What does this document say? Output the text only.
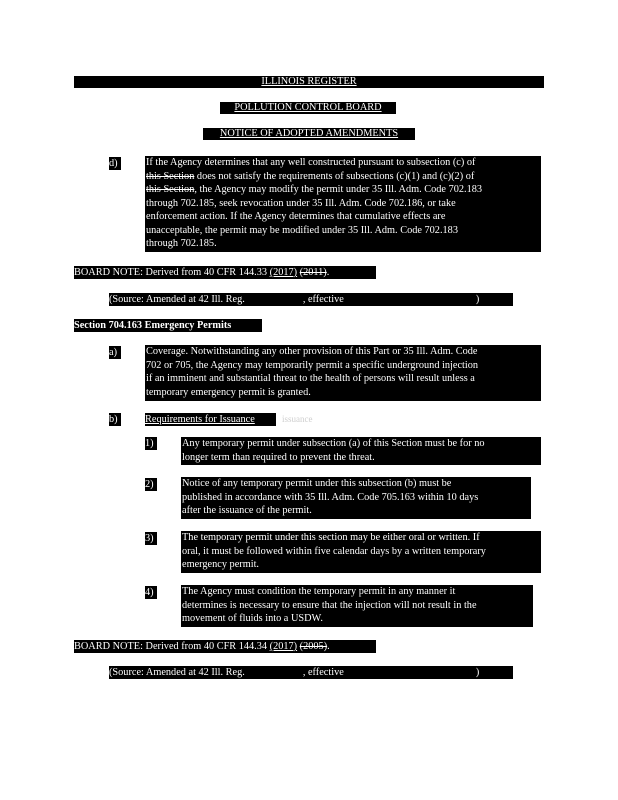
ILLINOIS REGISTER
POLLUTION CONTROL BOARD
NOTICE OF ADOPTED AMENDMENTS
d)	If the Agency determines that any well constructed pursuant to subsection (c) of
this Section does not satisfy the requirements of subsections (c)(1) and (c)(2) of
this Section, the Agency may modify the permit under 35 Ill. Adm. Code 702.183
through 702.185, seek revocation under 35 Ill. Adm. Code 702.186, or take
enforcement action. If the Agency determines that cumulative effects are
unacceptable, the permit may be modified under 35 Ill. Adm. Code 702.183
through 702.185.
BOARD NOTE: Derived from 40 CFR 144.33 (2017) (2011).
(Source: Amended at 42 Ill. Reg.	, effective	)
Section 704.163 Emergency Permits
a)	Coverage. Notwithstanding any other provision of this Part or 35 Ill. Adm. Code
702 or 705, the Agency may temporarily permit a specific underground injection
if an imminent and substantial threat to the health of persons will result unless a
temporary emergency permit is granted.
b)	Requirements for Issuance	issuance
1)	Any temporary permit under subsection (a) of this Section must be for no
longer term than required to prevent the threat.
2)	Notice of any temporary permit under this subsection (b) must be
published in accordance with 35 Ill. Adm. Code 705.163 within 10 days
after the issuance of the permit.
3)	The temporary permit under this section may be either oral or written. If
oral, it must be followed within five calendar days by a written temporary
emergency permit.
4)	The Agency must condition the temporary permit in any manner it
determines is necessary to ensure that the injection will not result in the
movement of fluids into a USDW.
BOARD NOTE: Derived from 40 CFR 144.34 (2017) (2005).
(Source: Amended at 42 Ill. Reg.	, effective	)
